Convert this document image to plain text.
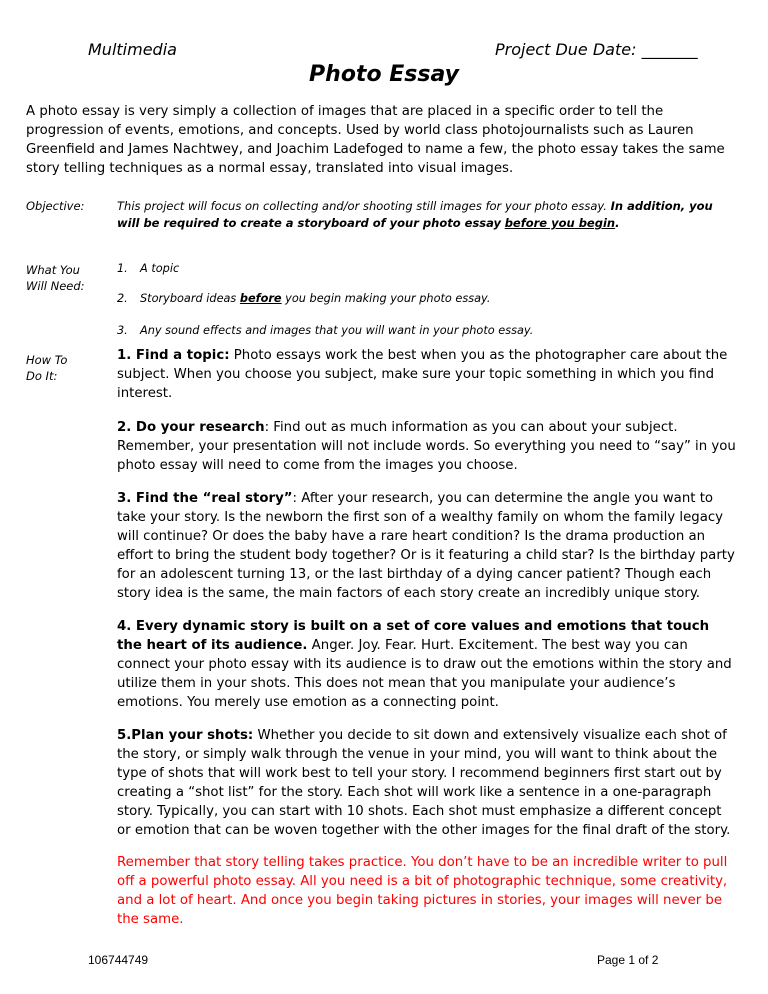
Multimedia	Project Due Date: _______
Photo Essay
A photo essay is very simply a collection of images that are placed in a specific order to tell the progression of events, emotions, and concepts. Used by world class photojournalists such as Lauren Greenfield and James Nachtwey, and Joachim Ladefoged to name a few, the photo essay takes the same story telling techniques as a normal essay, translated into visual images.
Objective:	This project will focus on collecting and/or shooting still images for your photo essay. In addition, you will be required to create a storyboard of your photo essay before you begin.
What You
Will Need:
1. A topic
2. Storyboard ideas before you begin making your photo essay.
3. Any sound effects and images that you will want in your photo essay.
How To
Do It:
1. Find a topic: Photo essays work the best when you as the photographer care about the subject. When you choose you subject, make sure your topic something in which you find interest.
2. Do your research: Find out as much information as you can about your subject. Remember, your presentation will not include words. So everything you need to “say” in you photo essay will need to come from the images you choose.
3. Find the “real story”: After your research, you can determine the angle you want to take your story. Is the newborn the first son of a wealthy family on whom the family legacy will continue? Or does the baby have a rare heart condition? Is the drama production an effort to bring the student body together? Or is it featuring a child star? Is the birthday party for an adolescent turning 13, or the last birthday of a dying cancer patient? Though each story idea is the same, the main factors of each story create an incredibly unique story.
4. Every dynamic story is built on a set of core values and emotions that touch the heart of its audience. Anger. Joy. Fear. Hurt. Excitement. The best way you can connect your photo essay with its audience is to draw out the emotions within the story and utilize them in your shots. This does not mean that you manipulate your audience’s emotions. You merely use emotion as a connecting point.
5.Plan your shots: Whether you decide to sit down and extensively visualize each shot of the story, or simply walk through the venue in your mind, you will want to think about the type of shots that will work best to tell your story. I recommend beginners first start out by creating a “shot list” for the story. Each shot will work like a sentence in a one-paragraph story. Typically, you can start with 10 shots. Each shot must emphasize a different concept or emotion that can be woven together with the other images for the final draft of the story.
Remember that story telling takes practice. You don’t have to be an incredible writer to pull off a powerful photo essay. All you need is a bit of photographic technique, some creativity, and a lot of heart. And once you begin taking pictures in stories, your images will never be the same.
106744749	Page 1 of 2
